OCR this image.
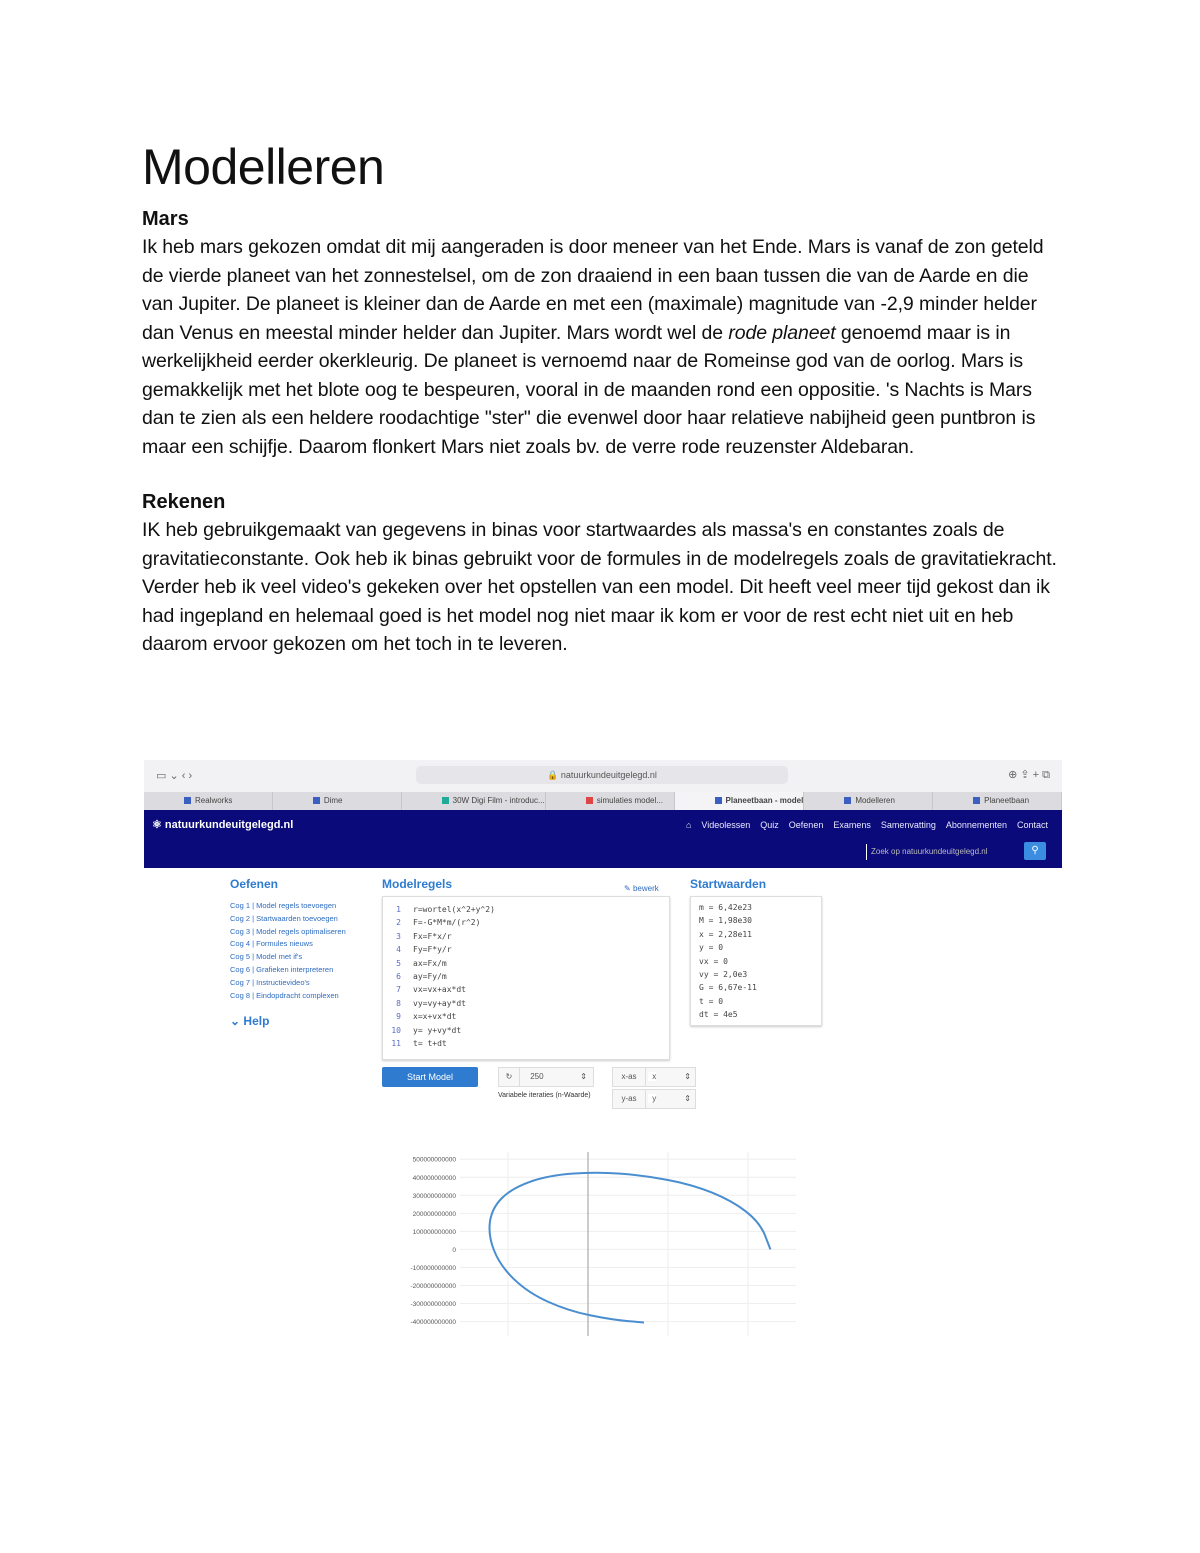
Modelleren
Mars

Ik heb mars gekozen omdat dit mij aangeraden is door meneer van het Ende. Mars is vanaf de zon geteld de vierde planeet van het zonnestelsel, om de zon draaiend in een baan tussen die van de Aarde en die van Jupiter. De planeet is kleiner dan de Aarde en met een (maximale) magnitude van -2,9 minder helder dan Venus en meestal minder helder dan Jupiter. Mars wordt wel de rode planeet genoemd maar is in werkelijkheid eerder okerkleurig. De planeet is vernoemd naar de Romeinse god van de oorlog. Mars is gemakkelijk met het blote oog te bespeuren, vooral in de maanden rond een oppositie. 's Nachts is Mars dan te zien als een heldere roodachtige "ster" die evenwel door haar relatieve nabijheid geen puntbron is maar een schijfje. Daarom flonkert Mars niet zoals bv. de verre rode reuzenster Aldebaran.

Rekenen

IK heb gebruikgemaakt van gegevens in binas voor startwaardes als massa's en constantes zoals de gravitatieconstante. Ook heb ik binas gebruikt voor de formules in de modelregels zoals de gravitatiekracht. Verder heb ik veel video's gekeken over het opstellen van een model. Dit heeft veel meer tijd gekost dan ik had ingepland en helemaal goed is het model nog niet maar ik kom er voor de rest echt niet uit en heb daarom ervoor gekozen om het toch in te leveren.

▭ ⌄ ‹ ›	🔒 natuurkundeuitgelegd.nl	⊕ ⇪ + ⧉
Realworks	Dime	30W Digi Film - introduc...	simulaties model...	Planeetbaan - model	Modelleren	Planeetbaan
⚛ natuurkundeuitgelegd.nl	⌂ Videolessen Quiz Oefenen Examens Samenvatting Abonnementen Contact
Zoek op natuurkundeuitgelegd.nl	⚲
Oefenen
Cog 1 | Model regels toevoegen
Cog 2 | Startwaarden toevoegen
Cog 3 | Model regels optimaliseren
Cog 4 | Formules nieuws
Cog 5 | Model met if's
Cog 6 | Grafieken interpreteren
Cog 7 | Instructievideo's
Cog 8 | Eindopdracht complexen
⌄ Help
Modelregels	✎ bewerk
1 r=wortel(x^2+y^2)
2 F=-G*M*m/(r^2)
3 Fx=F*x/r
4 Fy=F*y/r
5 ax=Fx/m
6 ay=Fy/m
7 vx=vx+ax*dt
8 vy=vy+ay*dt
9 x=x+vx*dt
10 y= y+vy*dt
11 t= t+dt
Startwaarden
m = 6,42e23
M = 1,98e30
x = 2,28e11
y = 0
vx = 0
vy = 2,0e3
G = 6,67e-11
t = 0
dt = 4e5
Start Model	↻ 250	⇕
Variabele iteraties (n-Waarde)
x-as x	⇕
y-as y	⇕
500000000000
400000000000
300000000000
200000000000
100000000000
0
-100000000000
-200000000000
-300000000000
-400000000000
